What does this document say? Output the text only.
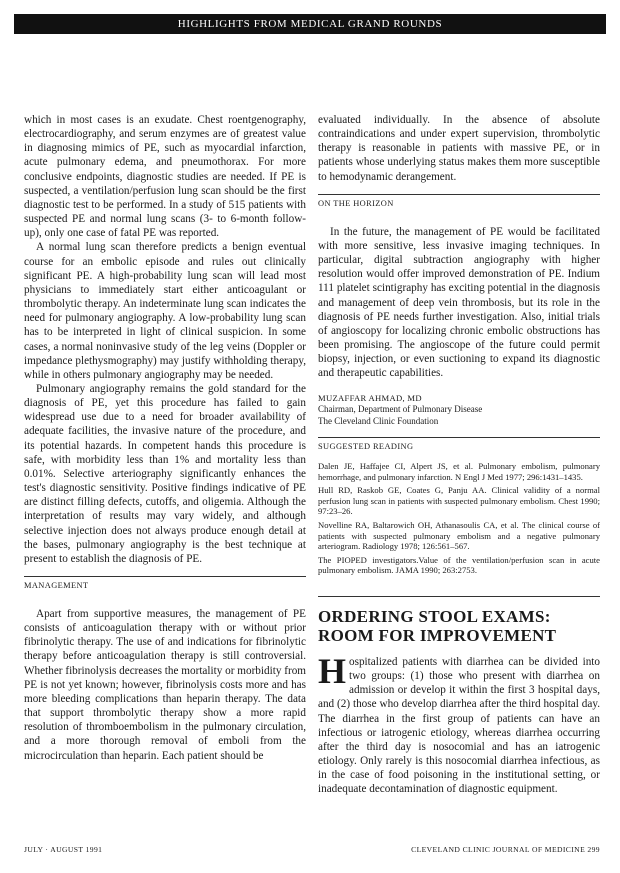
HIGHLIGHTS FROM MEDICAL GRAND ROUNDS

which in most cases is an exudate. Chest roentgenography, electrocardiography, and serum enzymes are of greatest value in diagnosing mimics of PE, such as myocardial infarction, acute pulmonary edema, and pneumothorax. For more conclusive endpoints, diagnostic studies are needed. If PE is suspected, a ventilation/perfusion lung scan should be the first diagnostic test to be performed. In a study of 515 patients with suspected PE and normal lung scans (3- to 6-month follow-up), only one case of fatal PE was reported.

A normal lung scan therefore predicts a benign eventual course for an embolic episode and rules out clinically significant PE. A high-probability lung scan will lead most physicians to immediately start either anticoagulant or thrombolytic therapy. An indeterminate lung scan indicates the need for pulmonary angiography. A low-probability lung scan has to be interpreted in light of clinical suspicion. In some cases, a normal noninvasive study of the leg veins (Doppler or impedance plethysmography) may justify withholding therapy, while in others pulmonary angiography may be needed.

Pulmonary angiography remains the gold standard for the diagnosis of PE, yet this procedure has failed to gain widespread use due to a need for broader availability of adequate facilities, the invasive nature of the procedure, and its potential hazards. In competent hands this procedure is safe, with morbidity less than 1% and mortality less than 0.01%. Selective arteriography significantly enhances the test's diagnostic sensitivity. Positive findings indicative of PE are distinct filling defects, cutoffs, and oligemia. Although the interpretation of results may vary widely, and although selective injection does not always produce enough detail at the bases, pulmonary angiography is the best technique at present to establish the diagnosis of PE.

MANAGEMENT

Apart from supportive measures, the management of PE consists of anticoagulation therapy with or without prior fibrinolytic therapy. The use of and indications for fibrinolytic therapy before anticoagulation therapy is still controversial. Whether fibrinolysis decreases the mortality or morbidity from PE is not yet known; however, fibrinolysis costs more and has more bleeding complications than heparin therapy. The data that support thrombolytic therapy show a more rapid resolution of thromboembolism in the pulmonary circulation, and a more thorough removal of emboli from the microcirculation than heparin. Each patient should be

evaluated individually. In the absence of absolute contraindications and under expert supervision, thrombolytic therapy is reasonable in patients with massive PE, or in patients whose underlying status makes them more susceptible to hemodynamic derangement.

ON THE HORIZON

In the future, the management of PE would be facilitated with more sensitive, less invasive imaging techniques. In particular, digital subtraction angiography with higher resolution would offer improved demonstration of PE. Indium 111 platelet scintigraphy has exciting potential in the diagnosis and management of deep vein thrombosis, but its role in the diagnosis of PE needs further investigation. Also, initial trials of angioscopy for localizing chronic embolic obstructions has been promising. The angioscope of the future could permit biopsy, injection, or even suctioning to expand its diagnostic and therapeutic capabilities.

MUZAFFAR AHMAD, MD
Chairman, Department of Pulmonary Disease
The Cleveland Clinic Foundation
SUGGESTED READING

Dalen JE, Haffajee CI, Alpert JS, et al. Pulmonary embolism, pulmonary hemorrhage, and pulmonary infarction. N Engl J Med 1977; 296:1431–1435.

Hull RD, Raskob GE, Coates G, Panju AA. Clinical validity of a normal perfusion lung scan in patients with suspected pulmonary embolism. Chest 1990; 97:23–26.

Novelline RA, Baltarowich OH, Athanasoulis CA, et al. The clinical course of patients with suspected pulmonary embolism and a negative pulmonary arteriogram. Radiology 1978; 126:561–567.

The PIOPED investigators.Value of the ventilation/perfusion scan in acute pulmonary embolism. JAMA 1990; 263:2753.

ORDERING STOOL EXAMS: ROOM FOR IMPROVEMENT

Hospitalized patients with diarrhea can be divided into two groups: (1) those who present with diarrhea on admission or develop it within the first 3 hospital days, and (2) those who develop diarrhea after the third hospital day. The diarrhea in the first group of patients can have an infectious or iatrogenic etiology, whereas diarrhea occurring after the third day is nosocomial and has an iatrogenic etiology. Only rarely is this nosocomial diarrhea infectious, as in the case of food poisoning in the institutional setting, or inadequate decontamination of diagnostic equipment.

JULY · AUGUST 1991	CLEVELAND CLINIC JOURNAL OF MEDICINE 299
